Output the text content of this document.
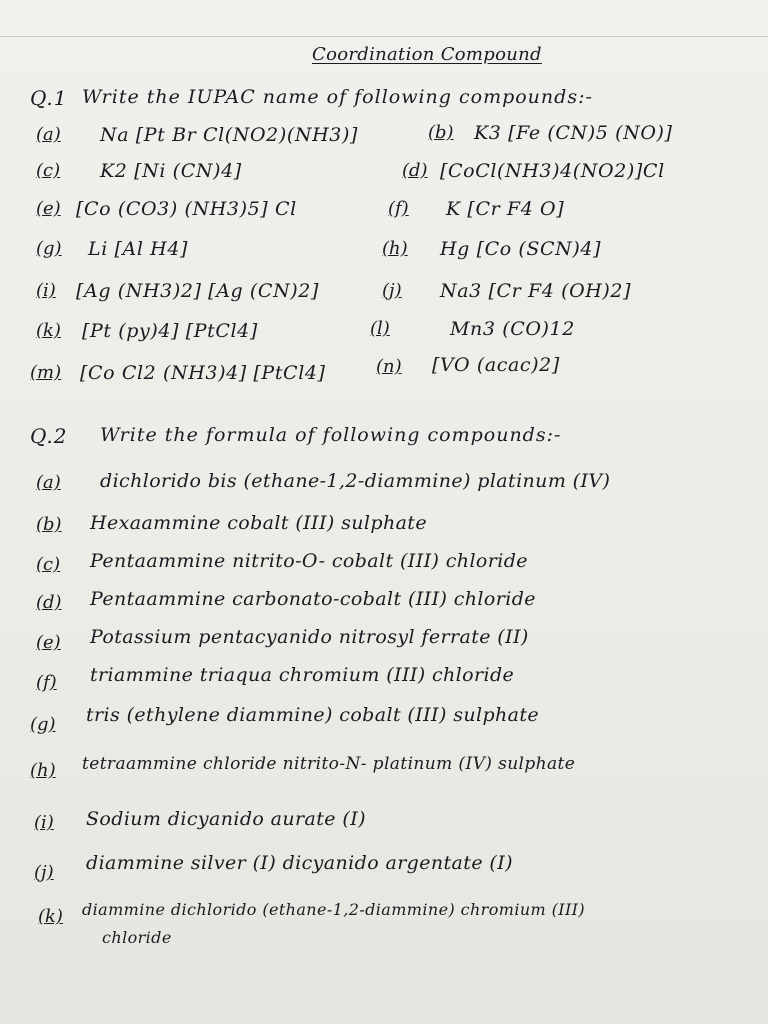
Coordination Compound
Q.1 Write the IUPAC name of following compounds:-
(a) Na [Pt Br Cl(NO2)(NH3)]
(c) K2 [Ni (CN)4]
(e) [Co (CO3) (NH3)5] Cl
(g) Li [Al H4]
(i) [Ag (NH3)2] [Ag (CN)2]
(k) [Pt (py)4] [PtCl4]
(m) [Co Cl2 (NH3)4] [PtCl4]
(b) K3 [Fe (CN)5 (NO)]
(d) [CoCl(NH3)4(NO2)]Cl
(f) K [Cr F4 O]
(h) Hg [Co (SCN)4]
(j) Na3 [Cr F4 (OH)2]
(l)	Mn3 (CO)12
(n) [VO (acac)2]
Q.2 Write the formula of following compounds:-
(a) dichlorido bis (ethane-1,2-diammine) platinum (IV)
(b) Hexaammine cobalt (III) sulphate
(c) Pentaammine nitrito-O- cobalt (III) chloride
(d) Pentaammine carbonato-cobalt (III) chloride
(e) Potassium pentacyanido nitrosyl ferrate (II)
(f) triammine triaqua chromium (III) chloride
(g) tris (ethylene diammine) cobalt (III) sulphate
(h) tetraammine chloride nitrito-N- platinum (IV) sulphate
(i) Sodium dicyanido aurate (I)
(j) diammine silver (I) dicyanido argentate (I)
(k) diammine dichlorido (ethane-1,2-diammine) chromium (III)
chloride
